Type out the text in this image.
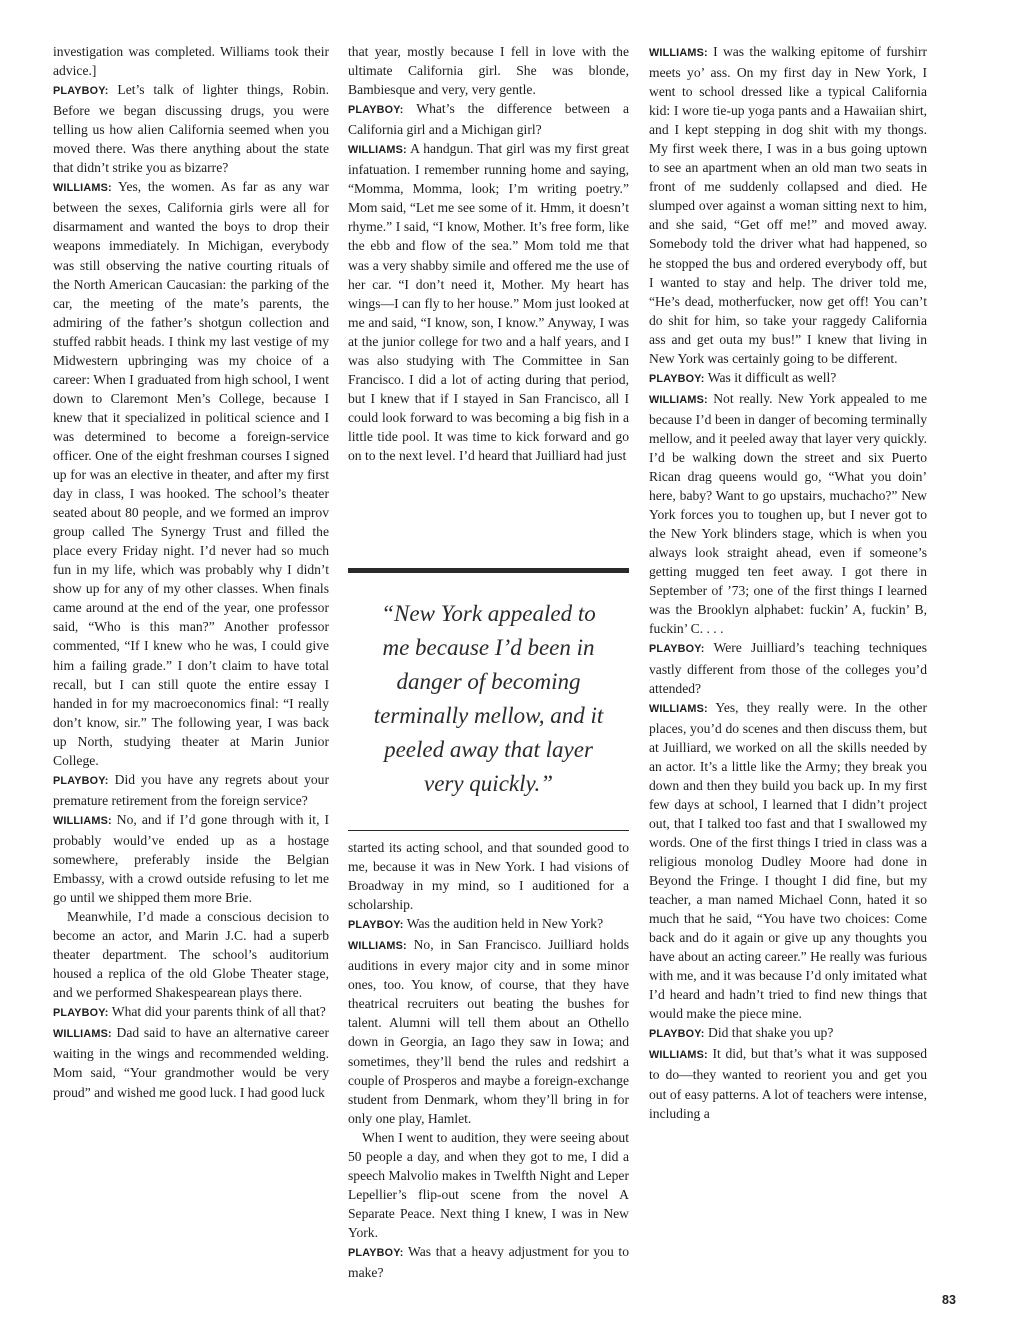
investigation was completed. Williams took their advice.]

PLAYBOY: Let’s talk of lighter things, Robin. Before we began discussing drugs, you were telling us how alien California seemed when you moved there. Was there anything about the state that didn’t strike you as bizarre?

WILLIAMS: Yes, the women. As far as any war between the sexes, California girls were all for disarmament and wanted the boys to drop their weapons immediately. In Michigan, everybody was still observing the native courting rituals of the North American Caucasian: the parking of the car, the meeting of the mate’s parents, the admiring of the father’s shotgun collection and stuffed rabbit heads. I think my last vestige of my Midwestern upbringing was my choice of a career: When I graduated from high school, I went down to Claremont Men’s College, because I knew that it specialized in political science and I was determined to become a foreign-service officer. One of the eight freshman courses I signed up for was an elective in theater, and after my first day in class, I was hooked. The school’s theater seated about 80 people, and we formed an improv group called The Synergy Trust and filled the place every Friday night. I’d never had so much fun in my life, which was probably why I didn’t show up for any of my other classes. When finals came around at the end of the year, one professor said, “Who is this man?” Another professor commented, “If I knew who he was, I could give him a failing grade.” I don’t claim to have total recall, but I can still quote the entire essay I handed in for my macroeconomics final: “I really don’t know, sir.” The following year, I was back up North, studying theater at Marin Junior College.

PLAYBOY: Did you have any regrets about your premature retirement from the foreign service?

WILLIAMS: No, and if I’d gone through with it, I probably would’ve ended up as a hostage somewhere, preferably inside the Belgian Embassy, with a crowd outside refusing to let me go until we shipped them more Brie.

Meanwhile, I’d made a conscious decision to become an actor, and Marin J.C. had a superb theater department. The school’s auditorium housed a replica of the old Globe Theater stage, and we performed Shakespearean plays there.

PLAYBOY: What did your parents think of all that?

WILLIAMS: Dad said to have an alternative career waiting in the wings and recommended welding. Mom said, “Your grandmother would be very proud” and wished me good luck. I had good luck

that year, mostly because I fell in love with the ultimate California girl. She was blonde, Bambiesque and very, very gentle.

PLAYBOY: What’s the difference between a California girl and a Michigan girl?

WILLIAMS: A handgun. That girl was my first great infatuation. I remember running home and saying, “Momma, Momma, look; I’m writing poetry.” Mom said, “Let me see some of it. Hmm, it doesn’t rhyme.” I said, “I know, Mother. It’s free form, like the ebb and flow of the sea.” Mom told me that was a very shabby simile and offered me the use of her car. “I don’t need it, Mother. My heart has wings—I can fly to her house.” Mom just looked at me and said, “I know, son, I know.” Anyway, I was at the junior college for two and a half years, and I was also studying with The Committee in San Francisco. I did a lot of acting during that period, but I knew that if I stayed in San Francisco, all I could look forward to was becoming a big fish in a little tide pool. It was time to kick forward and go on to the next level. I’d heard that Juilliard had just

“New York appealed to me because I’d been in danger of becoming terminally mellow, and it peeled away that layer very quickly.”

started its acting school, and that sounded good to me, because it was in New York. I had visions of Broadway in my mind, so I auditioned for a scholarship.

PLAYBOY: Was the audition held in New York?

WILLIAMS: No, in San Francisco. Juilliard holds auditions in every major city and in some minor ones, too. You know, of course, that they have theatrical recruiters out beating the bushes for talent. Alumni will tell them about an Othello down in Georgia, an Iago they saw in Iowa; and sometimes, they’ll bend the rules and redshirt a couple of Prosperos and maybe a foreign-exchange student from Denmark, whom they’ll bring in for only one play, Hamlet.

When I went to audition, they were seeing about 50 people a day, and when they got to me, I did a speech Malvolio makes in Twelfth Night and Leper Lepellier’s flip-out scene from the novel A Separate Peace. Next thing I knew, I was in New York.

PLAYBOY: Was that a heavy adjustment for you to make?

WILLIAMS: I was the walking epitome of furshirr meets yo’ ass. On my first day in New York, I went to school dressed like a typical California kid: I wore tie-up yoga pants and a Hawaiian shirt, and I kept stepping in dog shit with my thongs. My first week there, I was in a bus going uptown to see an apartment when an old man two seats in front of me suddenly collapsed and died. He slumped over against a woman sitting next to him, and she said, “Get off me!” and moved away. Somebody told the driver what had happened, so he stopped the bus and ordered everybody off, but I wanted to stay and help. The driver told me, “He’s dead, motherfucker, now get off! You can’t do shit for him, so take your raggedy California ass and get outa my bus!” I knew that living in New York was certainly going to be different.

PLAYBOY: Was it difficult as well?

WILLIAMS: Not really. New York appealed to me because I’d been in danger of becoming terminally mellow, and it peeled away that layer very quickly. I’d be walking down the street and six Puerto Rican drag queens would go, “What you doin’ here, baby? Want to go upstairs, muchacho?” New York forces you to toughen up, but I never got to the New York blinders stage, which is when you always look straight ahead, even if someone’s getting mugged ten feet away. I got there in September of ’73; one of the first things I learned was the Brooklyn alphabet: fuckin’ A, fuckin’ B, fuckin’ C. . . .

PLAYBOY: Were Juilliard’s teaching techniques vastly different from those of the colleges you’d attended?

WILLIAMS: Yes, they really were. In the other places, you’d do scenes and then discuss them, but at Juilliard, we worked on all the skills needed by an actor. It’s a little like the Army; they break you down and then they build you back up. In my first few days at school, I learned that I didn’t project out, that I talked too fast and that I swallowed my words. One of the first things I tried in class was a religious monolog Dudley Moore had done in Beyond the Fringe. I thought I did fine, but my teacher, a man named Michael Conn, hated it so much that he said, “You have two choices: Come back and do it again or give up any thoughts you have about an acting career.” He really was furious with me, and it was because I’d only imitated what I’d heard and hadn’t tried to find new things that would make the piece mine.

PLAYBOY: Did that shake you up?

WILLIAMS: It did, but that’s what it was supposed to do—they wanted to reorient you and get you out of easy patterns. A lot of teachers were intense, including a

83
